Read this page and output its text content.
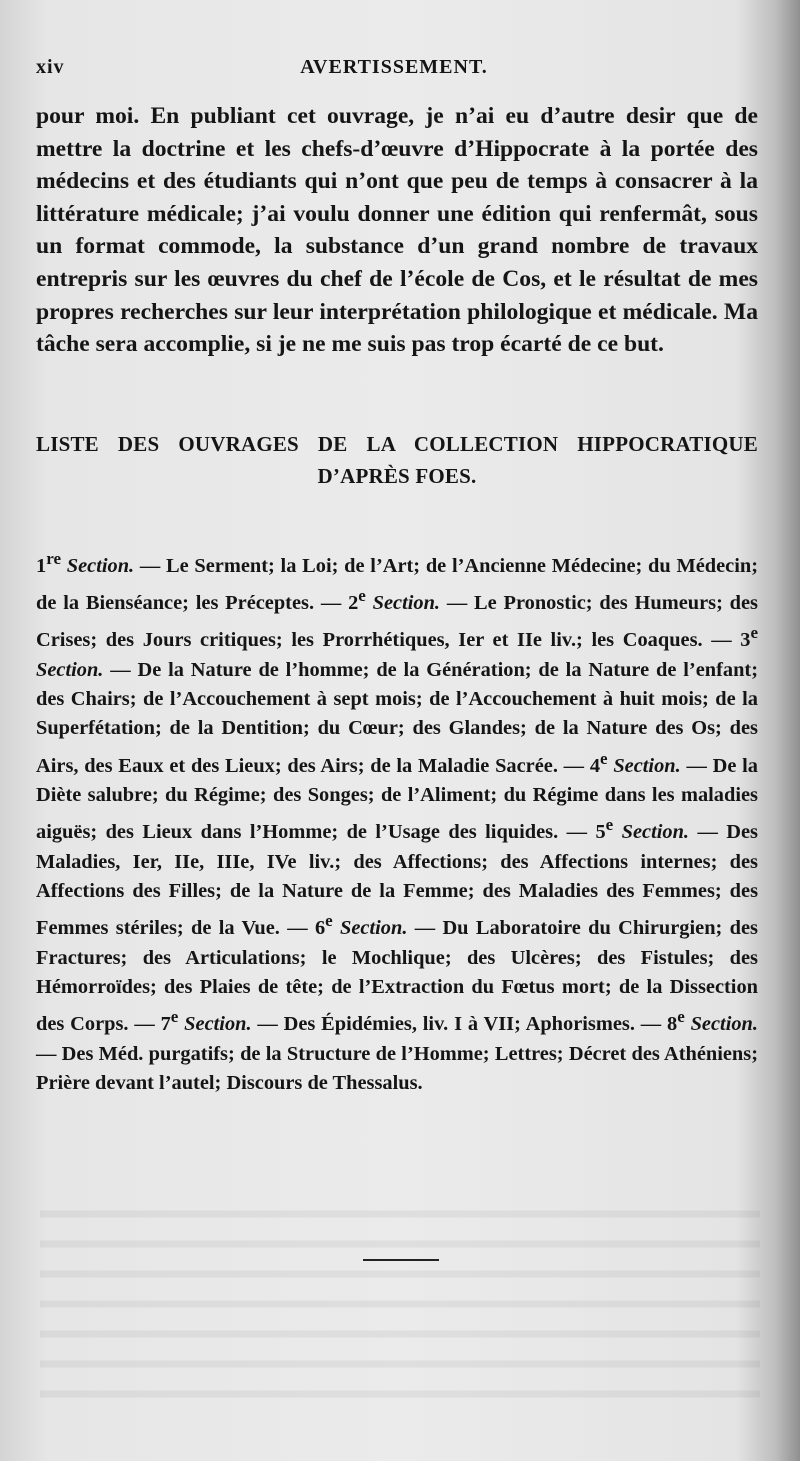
xiv	AVERTISSEMENT.

pour moi. En publiant cet ouvrage, je n’ai eu d’autre desir que de mettre la doctrine et les chefs-d’œuvre d’Hippocrate à la portée des médecins et des étudiants qui n’ont que peu de temps à consacrer à la littérature médicale; j’ai voulu donner une édition qui renfermât, sous un format commode, la substance d’un grand nombre de travaux entrepris sur les œuvres du chef de l’école de Cos, et le résultat de mes propres recherches sur leur interprétation philologique et médicale. Ma tâche sera accomplie, si je ne me suis pas trop écarté de ce but.

LISTE DES OUVRAGES DE LA COLLECTION HIPPOCRATIQUE
D’APRÈS FOES.

1re Section. — Le Serment; la Loi; de l’Art; de l’Ancienne Médecine; du Médecin; de la Bienséance; les Préceptes. — 2e Section. — Le Pronostic; des Humeurs; des Crises; des Jours critiques; les Prorrhétiques, Ier et IIe liv.; les Coaques. — 3e Section. — De la Nature de l’homme; de la Génération; de la Nature de l’enfant; des Chairs; de l’Accouchement à sept mois; de l’Accouchement à huit mois; de la Superfétation; de la Dentition; du Cœur; des Glandes; de la Nature des Os; des Airs, des Eaux et des Lieux; des Airs; de la Maladie Sacrée. — 4e Section. — De la Diète salubre; du Régime; des Songes; de l’Aliment; du Régime dans les maladies aiguës; des Lieux dans l’Homme; de l’Usage des liquides. — 5e Section. — Des Maladies, Ier, IIe, IIIe, IVe liv.; des Affections; des Affections internes; des Affections des Filles; de la Nature de la Femme; des Maladies des Femmes; des Femmes stériles; de la Vue. — 6e Section. — Du Laboratoire du Chirurgien; des Fractures; des Articulations; le Mochlique; des Ulcères; des Fistules; des Hémorroïdes; des Plaies de tête; de l’Extraction du Fœtus mort; de la Dissection des Corps. — 7e Section. — Des Épidémies, liv. I à VII; Aphorismes. — 8e Section. — Des Méd. purgatifs; de la Structure de l’Homme; Lettres; Décret des Athéniens; Prière devant l’autel; Discours de Thessalus.
